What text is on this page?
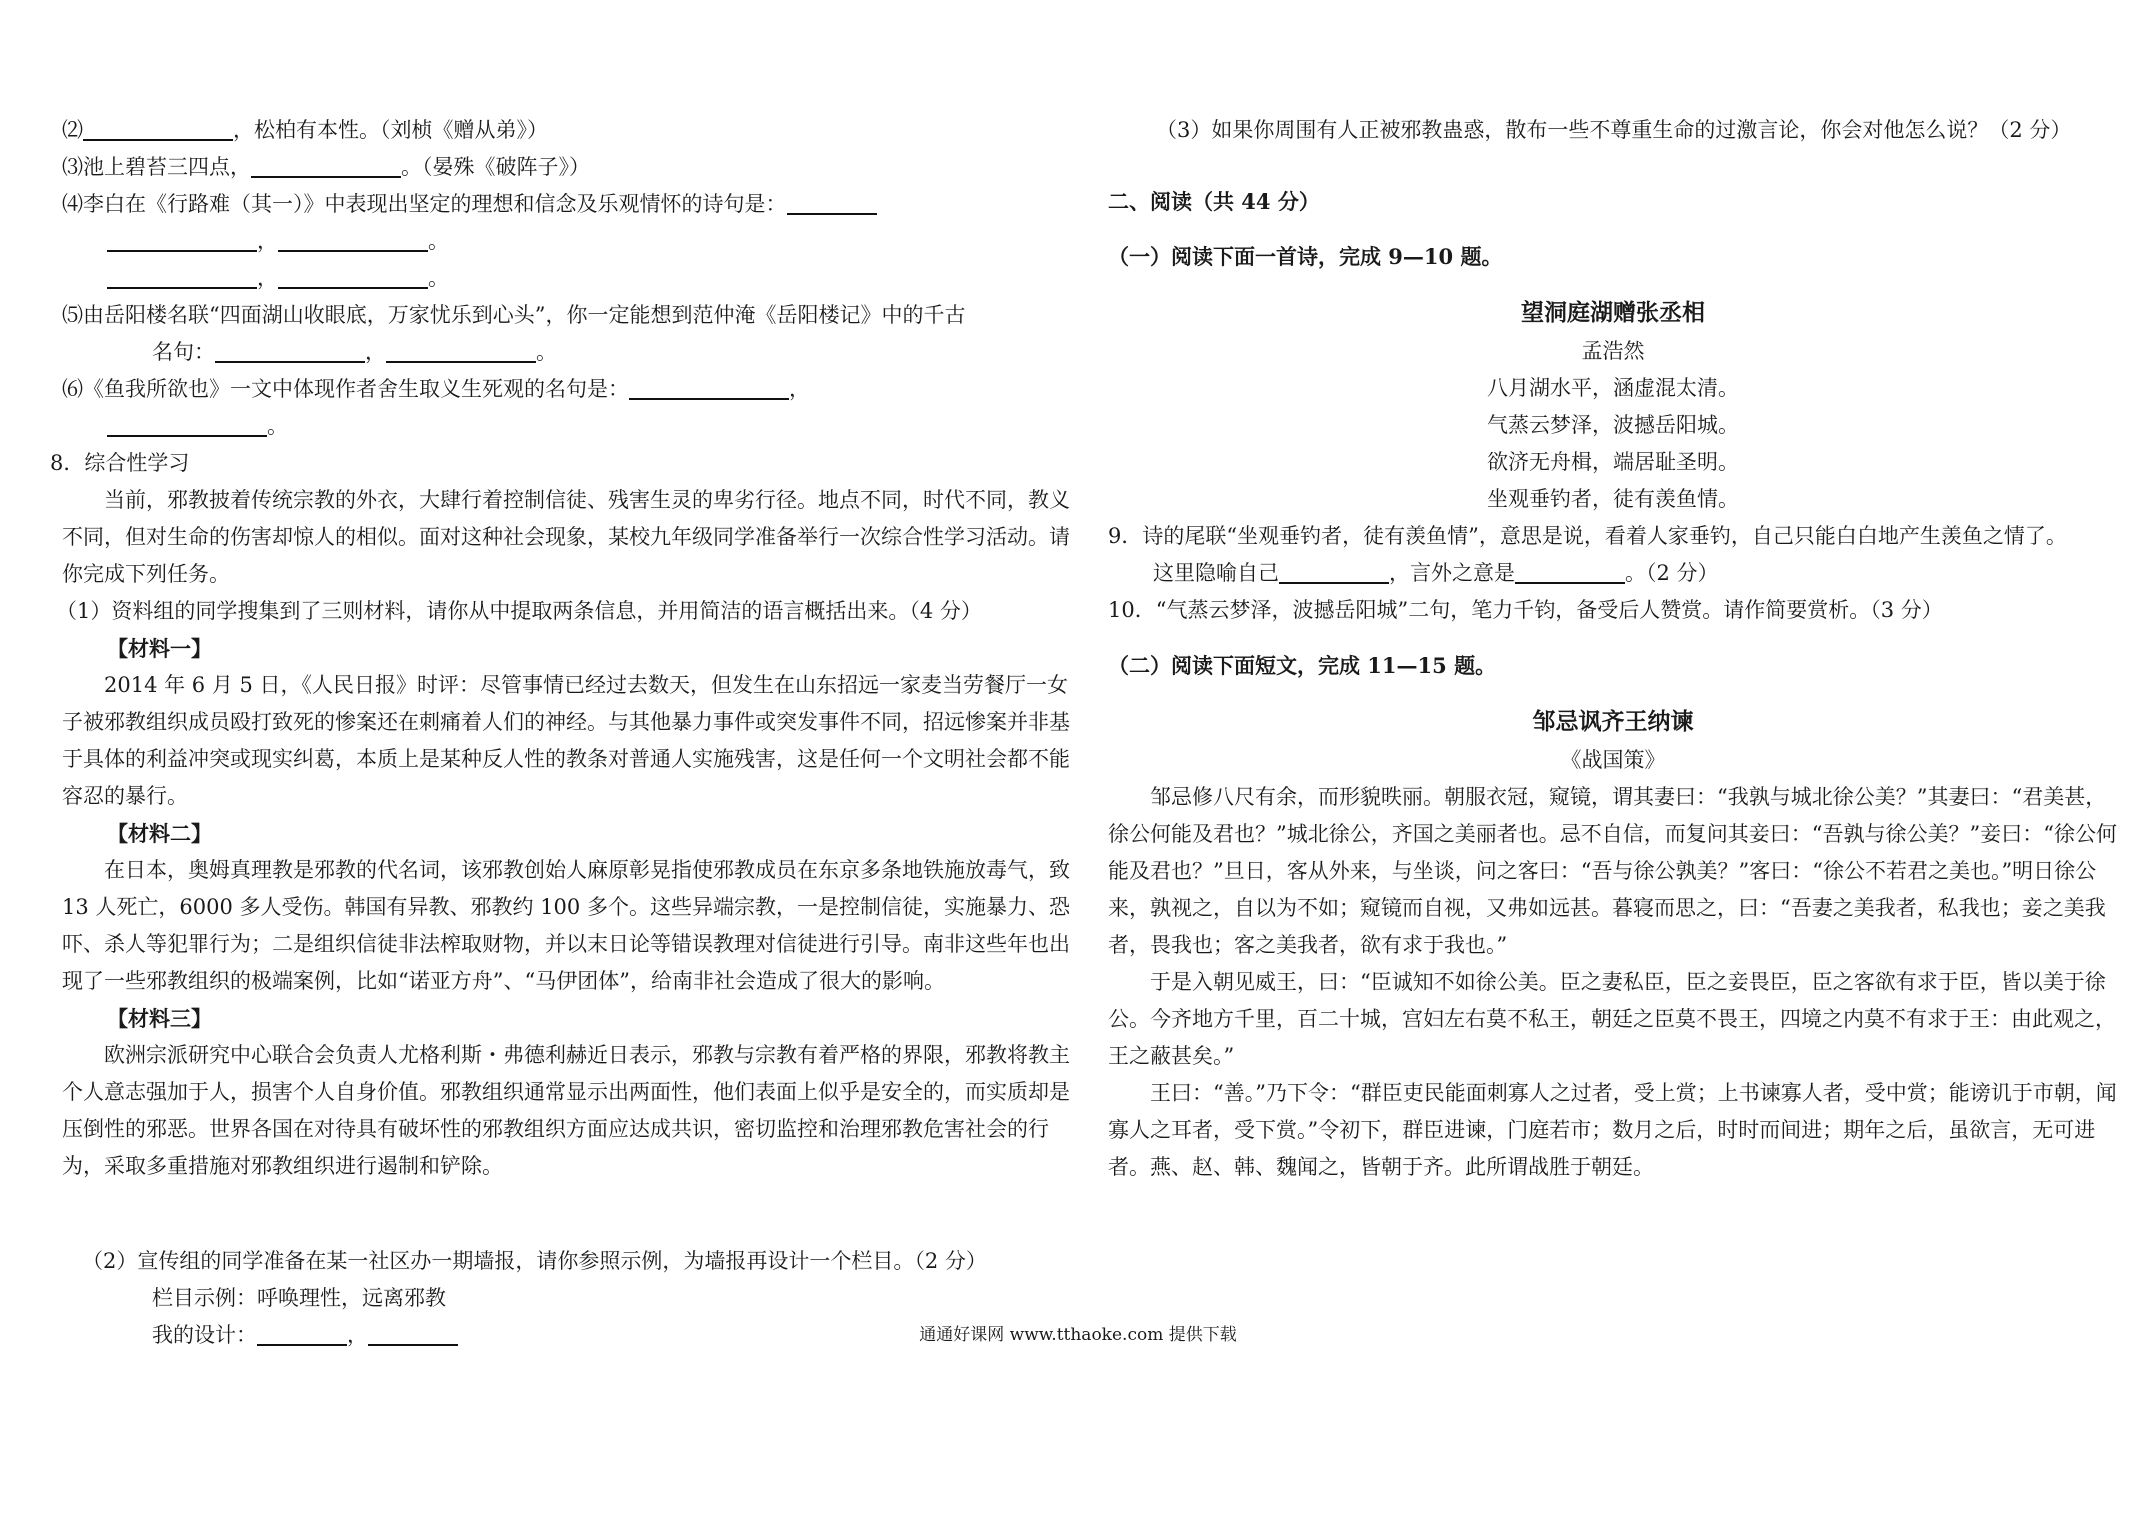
⑵	，松柏有本性。（刘桢《赠从弟》）
⑶池上碧苔三四点，	。（晏殊《破阵子》）
⑷李白在《行路难（其一）》中表现出坚定的理想和信念及乐观情怀的诗句是：
，	。
，	。
⑸由岳阳楼名联“四面湖山收眼底，万家忧乐到心头”，你一定能想到范仲淹《岳阳楼记》中的千古
名句：	，	。
⑹《鱼我所欲也》一文中体现作者舍生取义生死观的名句是：	，
。
8．综合性学习
当前，邪教披着传统宗教的外衣，大肆行着控制信徒、残害生灵的卑劣行径。地点不同，时代不同，教义不同，但对生命的伤害却惊人的相似。面对这种社会现象，某校九年级同学准备举行一次综合性学习活动。请你完成下列任务。
（1）资料组的同学搜集到了三则材料，请你从中提取两条信息，并用简洁的语言概括出来。（4 分）
【材料一】
2014 年 6 月 5 日，《人民日报》时评：尽管事情已经过去数天，但发生在山东招远一家麦当劳餐厅一女子被邪教组织成员殴打致死的惨案还在刺痛着人们的神经。与其他暴力事件或突发事件不同，招远惨案并非基于具体的利益冲突或现实纠葛，本质上是某种反人性的教条对普通人实施残害，这是任何一个文明社会都不能容忍的暴行。
【材料二】
在日本，奥姆真理教是邪教的代名词，该邪教创始人麻原彰晃指使邪教成员在东京多条地铁施放毒气，致 13 人死亡，6000 多人受伤。韩国有异教、邪教约 100 多个。这些异端宗教，一是控制信徒，实施暴力、恐吓、杀人等犯罪行为；二是组织信徒非法榨取财物，并以末日论等错误教理对信徒进行引导。南非这些年也出现了一些邪教组织的极端案例，比如“诺亚方舟”、“马伊团体”，给南非社会造成了很大的影响。
【材料三】
欧洲宗派研究中心联合会负责人尤格利斯・弗德利赫近日表示，邪教与宗教有着严格的界限，邪教将教主个人意志强加于人，损害个人自身价值。邪教组织通常显示出两面性，他们表面上似乎是安全的，而实质却是压倒性的邪恶。世界各国在对待具有破坏性的邪教组织方面应达成共识，密切监控和治理邪教危害社会的行为，采取多重措施对邪教组织进行遏制和铲除。
（2）宣传组的同学准备在某一社区办一期墙报，请你参照示例，为墙报再设计一个栏目。（2 分）
栏目示例：呼唤理性，远离邪教
我的设计：	，
（3）如果你周围有人正被邪教蛊惑，散布一些不尊重生命的过激言论，你会对他怎么说？（2 分）
二、阅读（共 44 分）
（一）阅读下面一首诗，完成 9—10 题。
望洞庭湖赠张丞相
孟浩然
八月湖水平，涵虚混太清。
气蒸云梦泽，波撼岳阳城。
欲济无舟楫，端居耻圣明。
坐观垂钓者，徒有羡鱼情。
9．诗的尾联“坐观垂钓者，徒有羡鱼情”，意思是说，看着人家垂钓，自己只能白白地产生羡鱼之情了。
这里隐喻自己	，言外之意是	。（2 分）
10．“气蒸云梦泽，波撼岳阳城”二句，笔力千钧，备受后人赞赏。请作简要赏析。（3 分）
（二）阅读下面短文，完成 11—15 题。
邹忌讽齐王纳谏
《战国策》
邹忌修八尺有余，而形貌昳丽。朝服衣冠，窥镜，谓其妻曰：“我孰与城北徐公美？”其妻曰：“君美甚，徐公何能及君也？”城北徐公，齐国之美丽者也。忌不自信，而复问其妾曰：“吾孰与徐公美？”妾曰：“徐公何能及君也？”旦日，客从外来，与坐谈，问之客曰：“吾与徐公孰美？”客曰：“徐公不若君之美也。”明日徐公来，孰视之，自以为不如；窥镜而自视，又弗如远甚。暮寝而思之，曰：“吾妻之美我者，私我也；妾之美我者，畏我也；客之美我者，欲有求于我也。”
于是入朝见威王，曰：“臣诚知不如徐公美。臣之妻私臣，臣之妾畏臣，臣之客欲有求于臣，皆以美于徐公。今齐地方千里，百二十城，宫妇左右莫不私王，朝廷之臣莫不畏王，四境之内莫不有求于王：由此观之，王之蔽甚矣。”
王曰：“善。”乃下令：“群臣吏民能面刺寡人之过者，受上赏；上书谏寡人者，受中赏；能谤讥于市朝，闻寡人之耳者，受下赏。”令初下，群臣进谏，门庭若市；数月之后，时时而间进；期年之后，虽欲言，无可进者。燕、赵、韩、魏闻之，皆朝于齐。此所谓战胜于朝廷。
通通好课网 www.tthaoke.com 提供下载
